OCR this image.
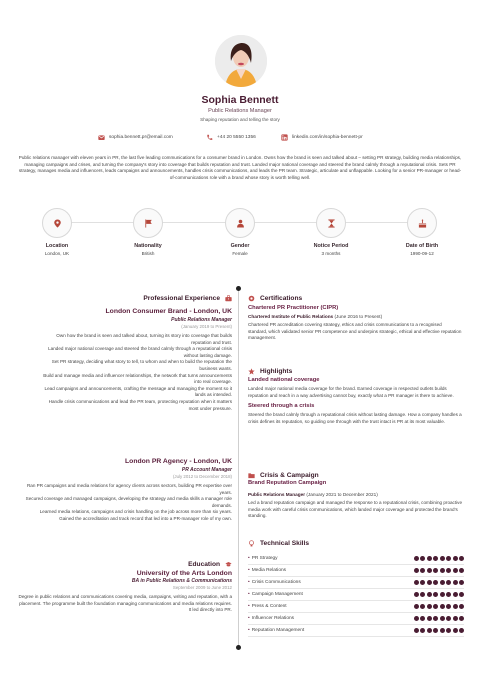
Sophia Bennett
Public Relations Manager
Shaping reputation and telling the story
sophia.bennett.pr@email.com	+44 20 5550 1356	linkedin.com/in/sophia-bennett-pr
Public relations manager with eleven years in PR, the last five leading communications for a consumer brand in London. Owns how the brand is seen and talked about – setting PR strategy, building media relationships, managing campaigns and crises, and turning the company's story into coverage that builds reputation and trust. Landed major national coverage and steered the brand calmly through a reputational crisis. Sets PR strategy, manages media and influencers, leads campaigns and announcements, handles crisis communications, and leads the PR team. Strategic, articulate and unflappable. Looking for a senior PR-manager or head-of-communications role with a brand whose story is worth telling well.
Location
London, UK
Nationality
British
Gender
Female
Notice Period
3 months
Date of Birth
1990-09-12
Professional Experience
London Consumer Brand - London, UK
Public Relations Manager
(January 2019 to Present)
Own how the brand is seen and talked about, turning its story into coverage that builds reputation and trust.
Landed major national coverage and steered the brand calmly through a reputational crisis without lasting damage.
Set PR strategy, deciding what story to tell, to whom and when to build the reputation the business wants.
Build and manage media and influencer relationships, the network that turns announcements into real coverage.
Lead campaigns and announcements, crafting the message and managing the moment so it lands as intended.
Handle crisis communications and lead the PR team, protecting reputation when it matters most under pressure.
London PR Agency - London, UK
PR Account Manager
(July 2012 to December 2018)
Ran PR campaigns and media relations for agency clients across sectors, building PR expertise over years.
Secured coverage and managed campaigns, developing the strategy and media skills a manager role demands.
Learned media relations, campaigns and crisis handling on the job across more than six years.
Gained the accreditation and track record that led into a PR-manager role of my own.
Education
University of the Arts London
BA in Public Relations & Communications
September 2009 to June 2012
Degree in public relations and communications covering media, campaigns, writing and reputation, with a placement. The programme built the foundation managing communications and media relations requires. It led directly into PR.
Certifications
Chartered PR Practitioner (CIPR)
Chartered Institute of Public Relations (June 2016 to Present)
Chartered PR accreditation covering strategy, ethics and crisis communications to a recognised standard, which validated senior PR competence and underpins strategic, ethical and effective reputation management.
Highlights
Landed national coverage
Landed major national media coverage for the brand. Earned coverage in respected outlets builds reputation and reach in a way advertising cannot buy, exactly what a PR manager is there to achieve.
Steered through a crisis
Steered the brand calmly through a reputational crisis without lasting damage. How a company handles a crisis defines its reputation, so guiding one through with the trust intact is PR at its most valuable.
Crisis & Campaign
Brand Reputation Campaign
Public Relations Manager (January 2021 to December 2021)
Led a brand reputation campaign and managed the response to a reputational crisis, combining proactive media work with careful crisis communications, which landed major coverage and protected the brand's standing.
Technical Skills
• PR Strategy
• Media Relations
• Crisis Communications
• Campaign Management
• Press & Content
• Influencer Relations
• Reputation Management
